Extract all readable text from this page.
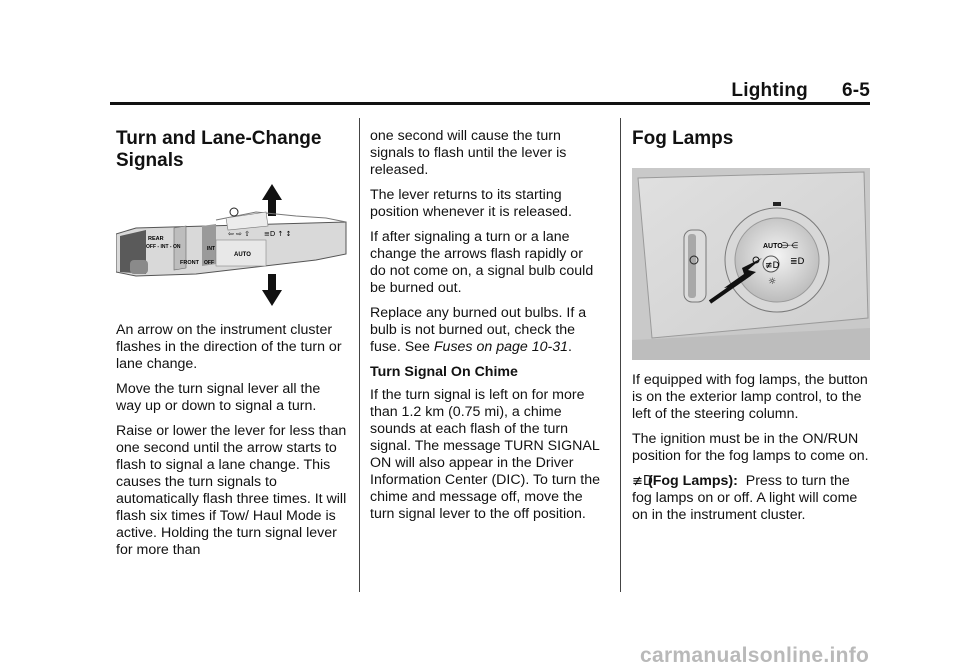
Lighting 6-5
Turn and Lane-Change Signals
⇦ ⇨ ⇧ ≡D ↑ ↕
REAR
OFF - INT - ON
FRONT
INT
OFF
AUTO

An arrow on the instrument cluster flashes in the direction of the turn or lane change.

Move the turn signal lever all the way up or down to signal a turn.

Raise or lower the lever for less than one second until the arrow starts to flash to signal a lane change. This causes the turn signals to automatically flash three times. It will flash six times if Tow/ Haul Mode is active. Holding the turn signal lever for more than

one second will cause the turn signals to flash until the lever is released.

The lever returns to its starting position whenever it is released.

If after signaling a turn or a lane change the arrows flash rapidly or do not come on, a signal bulb could be burned out.

Replace any burned out bulbs. If a bulb is not burned out, check the fuse. See Fuses on page 10-31.

Turn Signal On Chime

If the turn signal is left on for more than 1.2 km (0.75 mi), a chime sounds at each flash of the turn signal. The message TURN SIGNAL ON will also appear in the Driver Information Center (DIC). To turn the chime and message off, move the turn signal lever to the off position.

Fog Lamps
AUTO ⋺⋲
≣D
≢D
☼

If equipped with fog lamps, the button is on the exterior lamp control, to the left of the steering column.

The ignition must be in the ON/RUN position for the fog lamps to come on.

≢D(Fog Lamps): Press to turn the fog lamps on or off. A light will come on in the instrument cluster.

carmanualsonline.info
